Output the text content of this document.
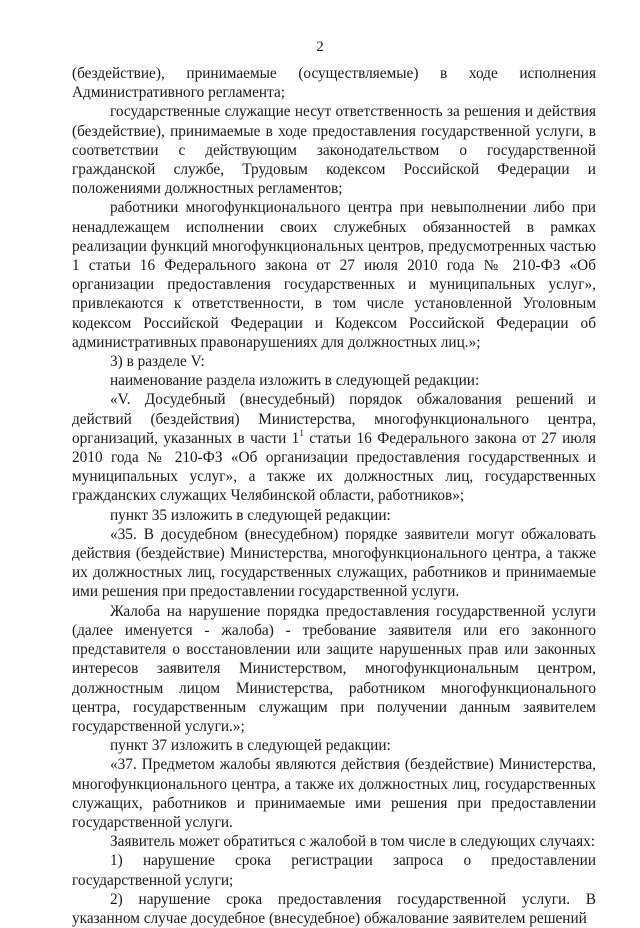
2

(бездействие), принимаемые (осуществляемые) в ходе исполнения Административного регламента;

государственные служащие несут ответственность за решения и действия (бездействие), принимаемые в ходе предоставления государственной услуги, в соответствии с действующим законодательством о государственной гражданской службе, Трудовым кодексом Российской Федерации и положениями должностных регламентов;

работники многофункционального центра при невыполнении либо при ненадлежащем исполнении своих служебных обязанностей в рамках реализации функций многофункциональных центров, предусмотренных частью 1 статьи 16 Федерального закона от 27 июля 2010 года № 210-ФЗ «Об организации предоставления государственных и муниципальных услуг», привлекаются к ответственности, в том числе установленной Уголовным кодексом Российской Федерации и Кодексом Российской Федерации об административных правонарушениях для должностных лиц.»;

3) в разделе V:

наименование раздела изложить в следующей редакции:

«V. Досудебный (внесудебный) порядок обжалования решений и действий (бездействия) Министерства, многофункционального центра, организаций, указанных в части $1^1$ статьи 16 Федерального закона от 27 июля 2010 года № 210-ФЗ «Об организации предоставления государственных и муниципальных услуг», а также их должностных лиц, государственных гражданских служащих Челябинской области, работников»;

пункт 35 изложить в следующей редакции:

«35. В досудебном (внесудебном) порядке заявители могут обжаловать действия (бездействие) Министерства, многофункционального центра, а также их должностных лиц, государственных служащих, работников и принимаемые ими решения при предоставлении государственной услуги.

Жалоба на нарушение порядка предоставления государственной услуги (далее именуется - жалоба) - требование заявителя или его законного представителя о восстановлении или защите нарушенных прав или законных интересов заявителя Министерством, многофункциональным центром, должностным лицом Министерства, работником многофункционального центра, государственным служащим при получении данным заявителем государственной услуги.»;

пункт 37 изложить в следующей редакции:

«37. Предметом жалобы являются действия (бездействие) Министерства, многофункционального центра, а также их должностных лиц, государственных служащих, работников и принимаемые ими решения при предоставлении государственной услуги.

Заявитель может обратиться с жалобой в том числе в следующих случаях:

1) нарушение срока регистрации запроса о предоставлении государственной услуги;

2) нарушение срока предоставления государственной услуги. В указанном случае досудебное (внесудебное) обжалование заявителем решений
